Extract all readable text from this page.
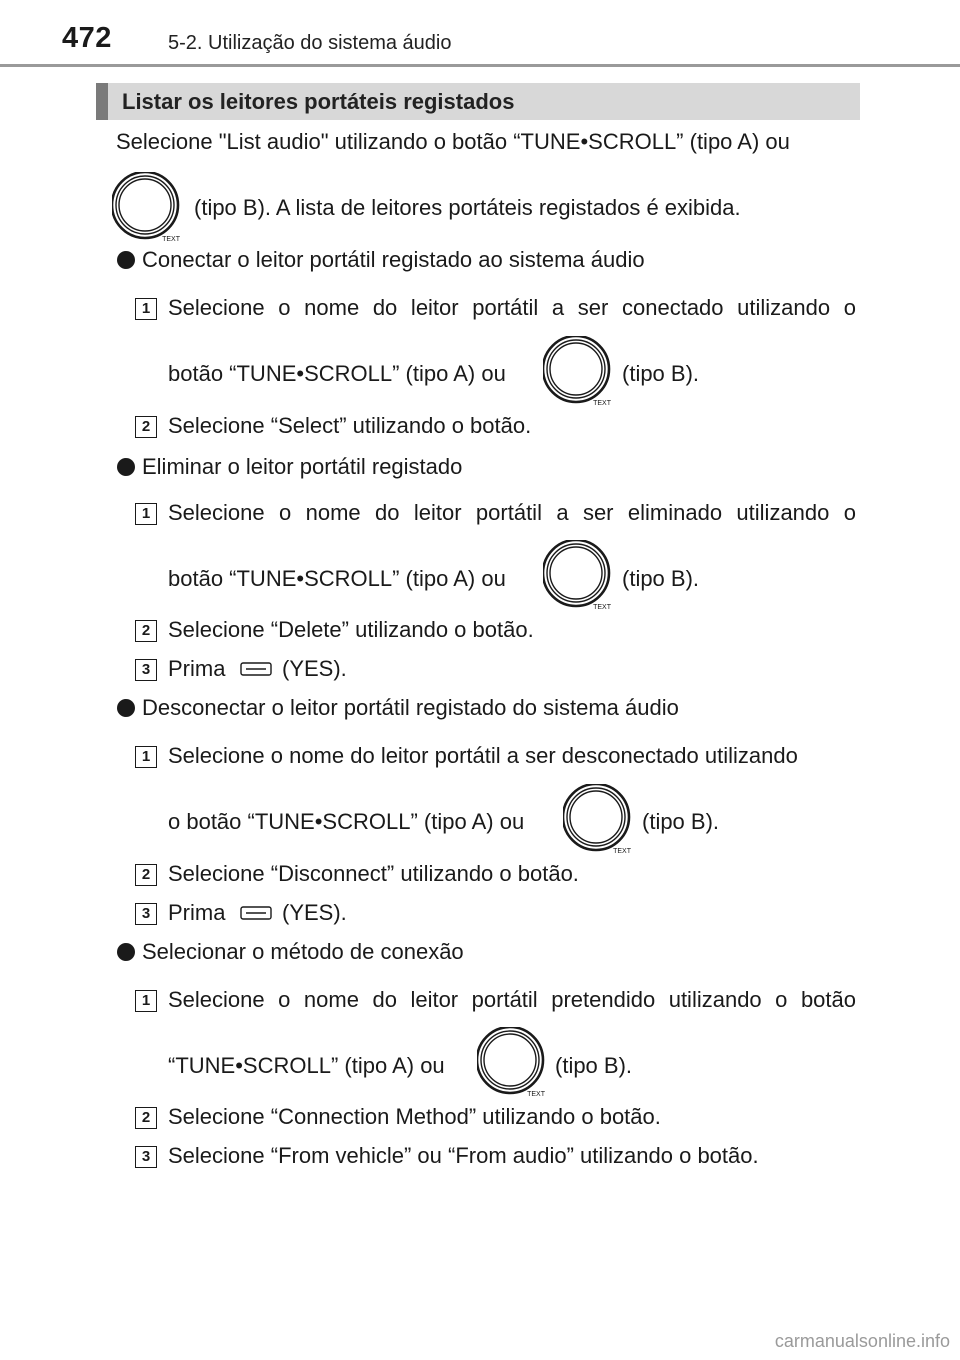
472	5-2. Utilização do sistema áudio
Listar os leitores portáteis registados
Selecione "List audio" utilizando o botão “TUNE•SCROLL” (tipo A) ou
TEXT
(tipo B). A lista de leitores portáteis registados é exibida.
Conectar o leitor portátil registado ao sistema áudio
1 Selecione o nome do leitor portátil a ser conectado utilizando o
botão “TUNE•SCROLL” (tipo A) ou
TEXT
(tipo B).
2 Selecione “Select” utilizando o botão.
Eliminar o leitor portátil registado
1 Selecione o nome do leitor portátil a ser eliminado utilizando o
botão “TUNE•SCROLL” (tipo A) ou
TEXT
(tipo B).
2 Selecione “Delete” utilizando o botão.
3 Prima	(YES).
Desconectar o leitor portátil registado do sistema áudio
1 Selecione o nome do leitor portátil a ser desconectado utilizando
o botão “TUNE•SCROLL” (tipo A) ou
TEXT
(tipo B).
2 Selecione “Disconnect” utilizando o botão.
3 Prima	(YES).
Selecionar o método de conexão
1 Selecione o nome do leitor portátil pretendido utilizando o botão
“TUNE•SCROLL” (tipo A) ou
TEXT
(tipo B).
2 Selecione “Connection Method” utilizando o botão.
3 Selecione “From vehicle” ou “From audio” utilizando o botão.
carmanualsonline.info
